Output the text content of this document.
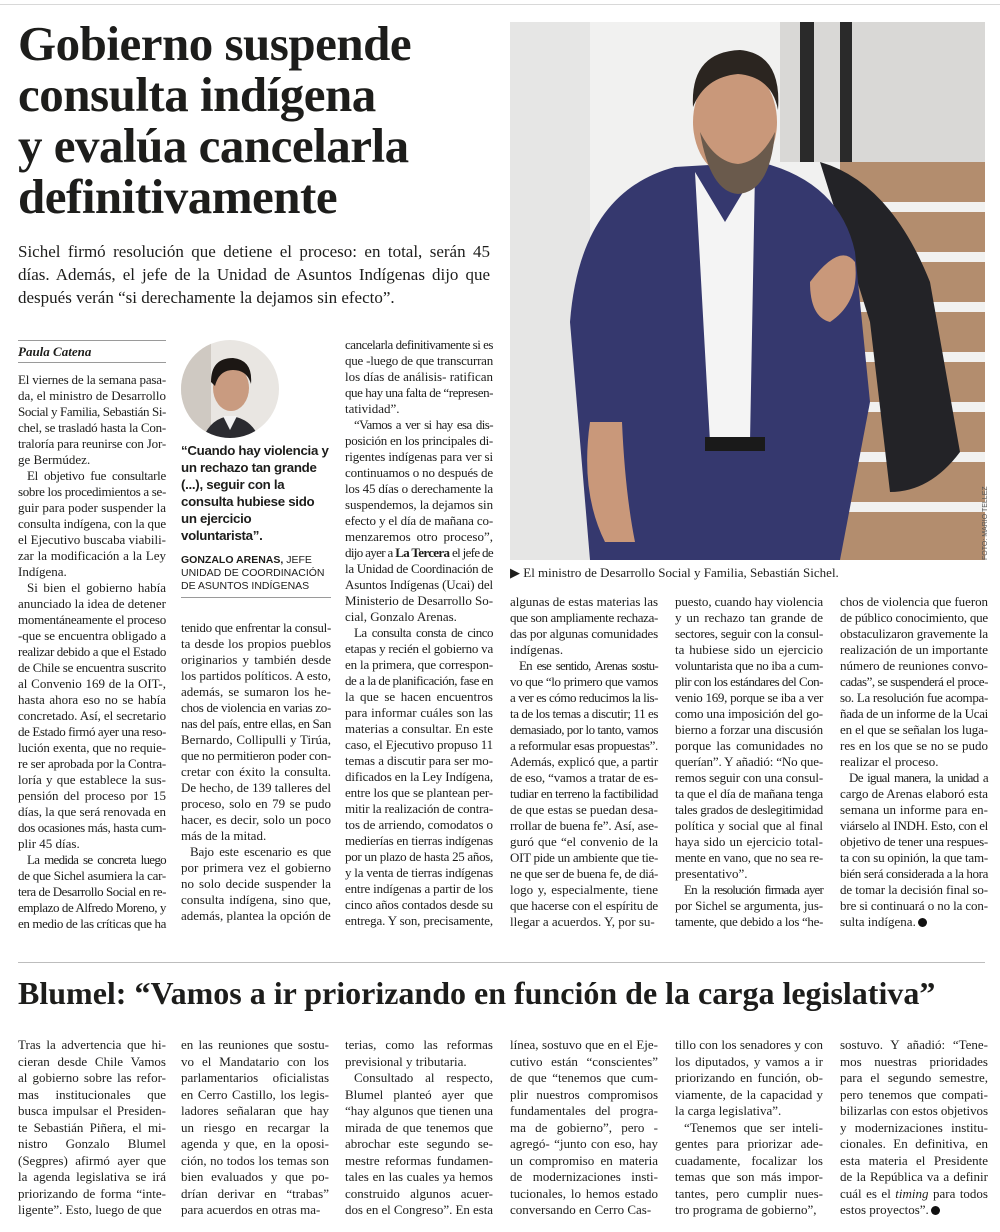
Gobierno suspende
consulta indígena
y evalúa cancelarla
definitivamente
Sichel firmó resolución que detiene el proceso: en total, serán 45
días. Además, el jefe de la Unidad de Asuntos Indígenas dijo que
después verán “si derechamente la dejamos sin efecto”.
Paula Catena
“Cuando hay violencia y un rechazo tan grande (...), seguir con la consulta hubiese sido un ejercicio voluntarista”.
GONZALO ARENAS, JEFE UNIDAD DE COORDINACIÓN DE ASUNTOS INDÍGENAS
FOTO: MARIO TELLEZ
▶ El ministro de Desarrollo Social y Familia, Sebastián Sichel.
El viernes de la semana pasa-
da, el ministro de Desarrollo
Social y Familia, Sebastián Si-
chel, se trasladó hasta la Con-
traloría para reunirse con Jor-
ge Bermúdez.
El objetivo fue consultarle
sobre los procedimientos a se-
guir para poder suspender la
consulta indígena, con la que
el Ejecutivo buscaba viabili-
zar la modificación a la Ley
Indígena.
Si bien el gobierno había
anunciado la idea de detener
momentáneamente el proceso
-que se encuentra obligado a
realizar debido a que el Estado
de Chile se encuentra suscrito
al Convenio 169 de la OIT-,
hasta ahora eso no se había
concretado. Así, el secretario
de Estado firmó ayer una reso-
lución exenta, que no requie-
re ser aprobada por la Contra-
loría y que establece la sus-
pensión del proceso por 15
días, la que será renovada en
dos ocasiones más, hasta cum-
plir 45 días.
La medida se concreta luego
de que Sichel asumiera la car-
tera de Desarrollo Social en re-
emplazo de Alfredo Moreno, y
en medio de las críticas que ha
tenido que enfrentar la consul-
ta desde los propios pueblos
originarios y también desde
los partidos políticos. A esto,
además, se sumaron los he-
chos de violencia en varias zo-
nas del país, entre ellas, en San
Bernardo, Collipulli y Tirúa,
que no permitieron poder con-
cretar con éxito la consulta.
De hecho, de 139 talleres del
proceso, solo en 79 se pudo
hacer, es decir, solo un poco
más de la mitad.
Bajo este escenario es que
por primera vez el gobierno
no solo decide suspender la
consulta indígena, sino que,
además, plantea la opción de
cancelarla definitivamente si es
que -luego de que transcurran
los días de análisis- ratifican
que hay una falta de “represen-
tatividad”.
“Vamos a ver si hay esa dis-
posición en los principales di-
rigentes indígenas para ver si
continuamos o no después de
los 45 días o derechamente la
suspendemos, la dejamos sin
efecto y el día de mañana co-
menzaremos otro proceso”,
dijo ayer a La Tercera el jefe de
la Unidad de Coordinación de
Asuntos Indígenas (Ucai) del
Ministerio de Desarrollo So-
cial, Gonzalo Arenas.
La consulta consta de cinco
etapas y recién el gobierno va
en la primera, que correspon-
de a la de planificación, fase en
la que se hacen encuentros
para informar cuáles son las
materias a consultar. En este
caso, el Ejecutivo propuso 11
temas a discutir para ser mo-
dificados en la Ley Indígena,
entre los que se plantean per-
mitir la realización de contra-
tos de arriendo, comodatos o
medierías en tierras indígenas
por un plazo de hasta 25 años,
y la venta de tierras indígenas
entre indígenas a partir de los
cinco años contados desde su
entrega. Y son, precisamente,
algunas de estas materias las
que son ampliamente rechaza-
das por algunas comunidades
indígenas.
En ese sentido, Arenas sostu-
vo que “lo primero que vamos
a ver es cómo reducimos la lis-
ta de los temas a discutir; 11 es
demasiado, por lo tanto, vamos
a reformular esas propuestas”.
Además, explicó que, a partir
de eso, “vamos a tratar de es-
tudiar en terreno la factibilidad
de que estas se puedan desa-
rrollar de buena fe”. Así, ase-
guró que “el convenio de la
OIT pide un ambiente que tie-
ne que ser de buena fe, de diá-
logo y, especialmente, tiene
que hacerse con el espíritu de
llegar a acuerdos. Y, por su-
puesto, cuando hay violencia
y un rechazo tan grande de
sectores, seguir con la consul-
ta hubiese sido un ejercicio
voluntarista que no iba a cum-
plir con los estándares del Con-
venio 169, porque se iba a ver
como una imposición del go-
bierno a forzar una discusión
porque las comunidades no
querían”. Y añadió: “No que-
remos seguir con una consul-
ta que el día de mañana tenga
tales grados de deslegitimidad
política y social que al final
haya sido un ejercicio total-
mente en vano, que no sea re-
presentativo”.
En la resolución firmada ayer
por Sichel se argumenta, jus-
tamente, que debido a los “he-
chos de violencia que fueron
de público conocimiento, que
obstaculizaron gravemente la
realización de un importante
número de reuniones convo-
cadas”, se suspenderá el proce-
so. La resolución fue acompa-
ñada de un informe de la Ucai
en el que se señalan los luga-
res en los que se no se pudo
realizar el proceso.
De igual manera, la unidad a
cargo de Arenas elaboró esta
semana un informe para en-
viárselo al INDH. Esto, con el
objetivo de tener una respues-
ta con su opinión, la que tam-
bién será considerada a la hora
de tomar la decisión final so-
bre si continuará o no la con-
sulta indígena.
Blumel: “Vamos a ir priorizando en función de la carga legislativa”
Tras la advertencia que hi-
cieran desde Chile Vamos
al gobierno sobre las refor-
mas institucionales que
busca impulsar el Presiden-
te Sebastián Piñera, el mi-
nistro Gonzalo Blumel
(Segpres) afirmó ayer que
la agenda legislativa se irá
priorizando de forma “inte-
ligente”. Esto, luego de que
en las reuniones que sostu-
vo el Mandatario con los
parlamentarios oficialistas
en Cerro Castillo, los legis-
ladores señalaran que hay
un riesgo en recargar la
agenda y que, en la oposi-
ción, no todos los temas son
bien evaluados y que po-
drían derivar en “trabas”
para acuerdos en otras ma-
terias, como las reformas
previsional y tributaria.
Consultado al respecto,
Blumel planteó ayer que
“hay algunos que tienen una
mirada de que tenemos que
abrochar este segundo se-
mestre reformas fundamen-
tales en las cuales ya hemos
construido algunos acuer-
dos en el Congreso”. En esta
línea, sostuvo que en el Eje-
cutivo están “conscientes”
de que “tenemos que cum-
plir nuestros compromisos
fundamentales del progra-
ma de gobierno”, pero -
agregó- “junto con eso, hay
un compromiso en materia
de modernizaciones insti-
tucionales, lo hemos estado
conversando en Cerro Cas-
tillo con los senadores y con
los diputados, y vamos a ir
priorizando en función, ob-
viamente, de la capacidad y
la carga legislativa”.
“Tenemos que ser inteli-
gentes para priorizar ade-
cuadamente, focalizar los
temas que son más impor-
tantes, pero cumplir nues-
tro programa de gobierno”,
sostuvo. Y añadió: “Tene-
mos nuestras prioridades
para el segundo semestre,
pero tenemos que compati-
bilizarlas con estos objetivos
y modernizaciones institu-
cionales. En definitiva, en
esta materia el Presidente
de la República va a definir
cuál es el timing para todos
estos proyectos”.
